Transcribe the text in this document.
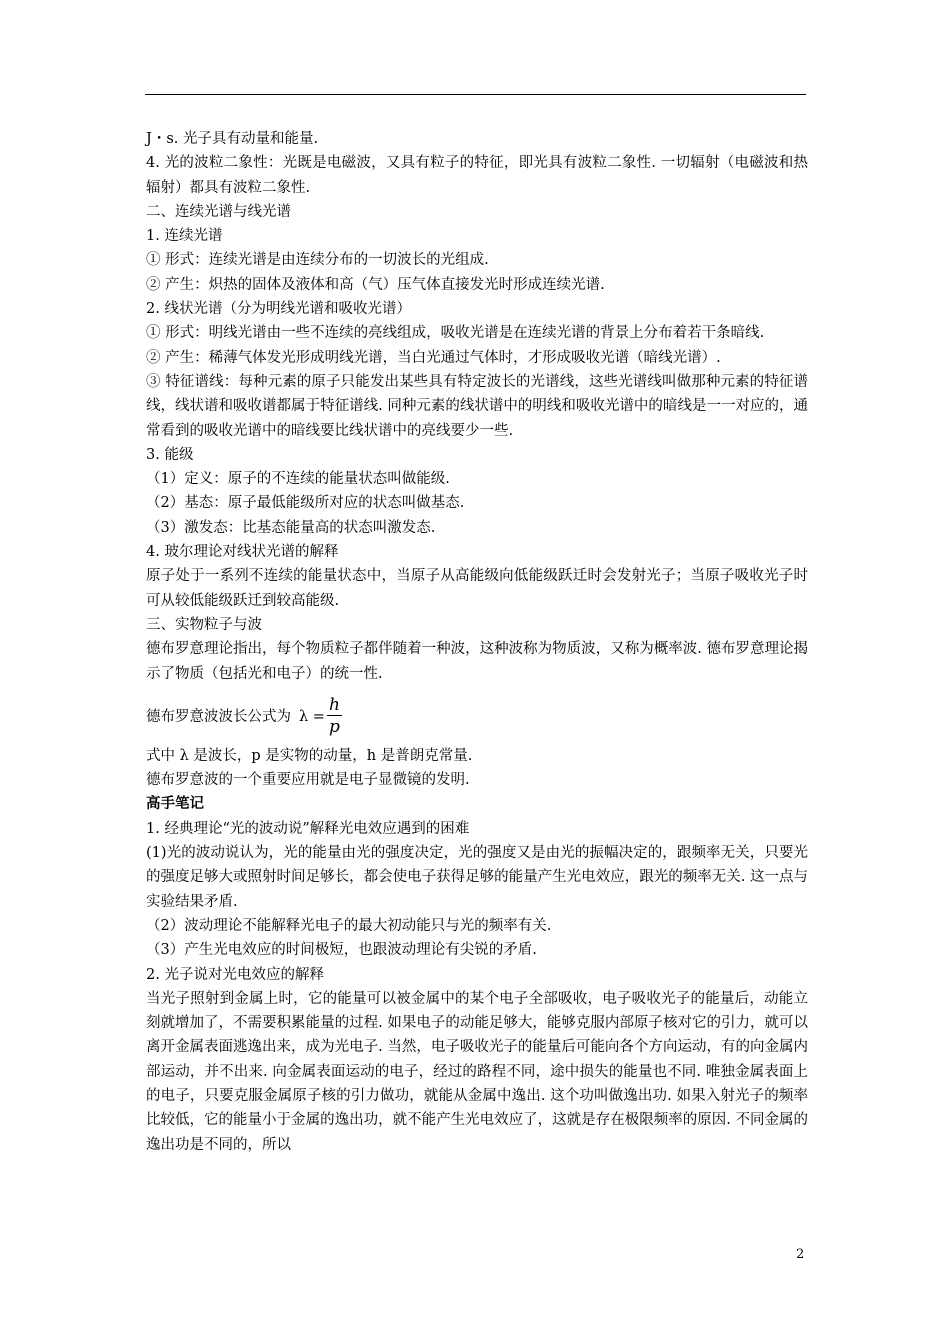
J・s. 光子具有动量和能量.

4. 光的波粒二象性：光既是电磁波，又具有粒子的特征，即光具有波粒二象性. 一切辐射（电磁波和热辐射）都具有波粒二象性.

二、连续光谱与线光谱

1. 连续光谱

① 形式：连续光谱是由连续分布的一切波长的光组成.

② 产生：炽热的固体及液体和高（气）压气体直接发光时形成连续光谱.

2. 线状光谱（分为明线光谱和吸收光谱）

① 形式：明线光谱由一些不连续的亮线组成，吸收光谱是在连续光谱的背景上分布着若干条暗线.

② 产生：稀薄气体发光形成明线光谱，当白光通过气体时，才形成吸收光谱（暗线光谱）.

③ 特征谱线：每种元素的原子只能发出某些具有特定波长的光谱线，这些光谱线叫做那种元素的特征谱线，线状谱和吸收谱都属于特征谱线. 同种元素的线状谱中的明线和吸收光谱中的暗线是一一对应的，通常看到的吸收光谱中的暗线要比线状谱中的亮线要少一些.

3. 能级

（1）定义：原子的不连续的能量状态叫做能级.

（2）基态：原子最低能级所对应的状态叫做基态.

（3）激发态：比基态能量高的状态叫激发态.

4. 玻尔理论对线状光谱的解释

原子处于一系列不连续的能量状态中，当原子从高能级向低能级跃迁时会发射光子；当原子吸收光子时可从较低能级跃迁到较高能级.

三、实物粒子与波

德布罗意理论指出，每个物质粒子都伴随着一种波，这种波称为物质波，又称为概率波. 德布罗意理论揭示了物质（包括光和电子）的统一性.

德布罗意波波长公式为 $\lambda = \frac{h}{p}$

式中 λ 是波长，p 是实物的动量，h 是普朗克常量.

德布罗意波的一个重要应用就是电子显微镜的发明.

高手笔记

1. 经典理论“光的波动说”解释光电效应遇到的困难

(1)光的波动说认为，光的能量由光的强度决定，光的强度又是由光的振幅决定的，跟频率无关，只要光的强度足够大或照射时间足够长，都会使电子获得足够的能量产生光电效应，跟光的频率无关. 这一点与实验结果矛盾.

（2）波动理论不能解释光电子的最大初动能只与光的频率有关.

（3）产生光电效应的时间极短，也跟波动理论有尖锐的矛盾.

2. 光子说对光电效应的解释

当光子照射到金属上时，它的能量可以被金属中的某个电子全部吸收，电子吸收光子的能量后，动能立刻就增加了，不需要积累能量的过程. 如果电子的动能足够大，能够克服内部原子核对它的引力，就可以离开金属表面逃逸出来，成为光电子. 当然，电子吸收光子的能量后可能向各个方向运动，有的向金属内部运动，并不出来. 向金属表面运动的电子，经过的路程不同，途中损失的能量也不同. 唯独金属表面上的电子，只要克服金属原子核的引力做功，就能从金属中逸出. 这个功叫做逸出功. 如果入射光子的频率比较低，它的能量小于金属的逸出功，就不能产生光电效应了，这就是存在极限频率的原因. 不同金属的逸出功是不同的，所以

2
